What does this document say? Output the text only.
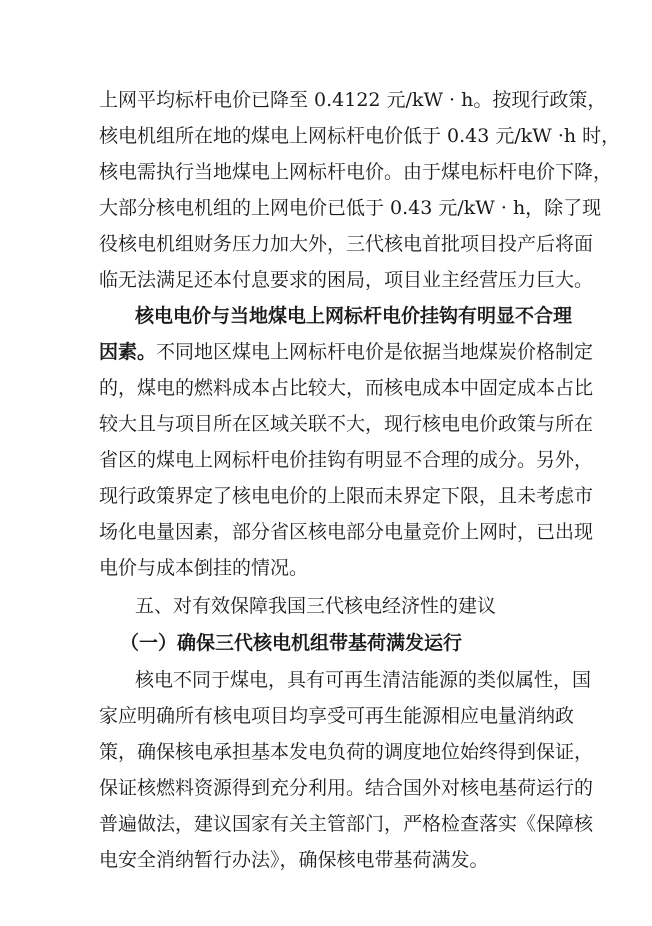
上网平均标杆电价已降至 0.4122 元/kW · h。按现行政策，
核电机组所在地的煤电上网标杆电价低于 0.43 元/kW ·h 时，
核电需执行当地煤电上网标杆电价。由于煤电标杆电价下降，
大部分核电机组的上网电价已低于 0.43 元/kW · h，除了现
役核电机组财务压力加大外，三代核电首批项目投产后将面
临无法满足还本付息要求的困局，项目业主经营压力巨大。
核电电价与当地煤电上网标杆电价挂钩有明显不合理
因素。不同地区煤电上网标杆电价是依据当地煤炭价格制定
的，煤电的燃料成本占比较大，而核电成本中固定成本占比
较大且与项目所在区域关联不大，现行核电电价政策与所在
省区的煤电上网标杆电价挂钩有明显不合理的成分。另外，
现行政策界定了核电电价的上限而未界定下限，且未考虑市
场化电量因素，部分省区核电部分电量竞价上网时，已出现
电价与成本倒挂的情况。
五、对有效保障我国三代核电经济性的建议
（一）确保三代核电机组带基荷满发运行
核电不同于煤电，具有可再生清洁能源的类似属性，国
家应明确所有核电项目均享受可再生能源相应电量消纳政
策，确保核电承担基本发电负荷的调度地位始终得到保证，
保证核燃料资源得到充分利用。结合国外对核电基荷运行的
普遍做法，建议国家有关主管部门，严格检查落实《保障核
电安全消纳暂行办法》，确保核电带基荷满发。
